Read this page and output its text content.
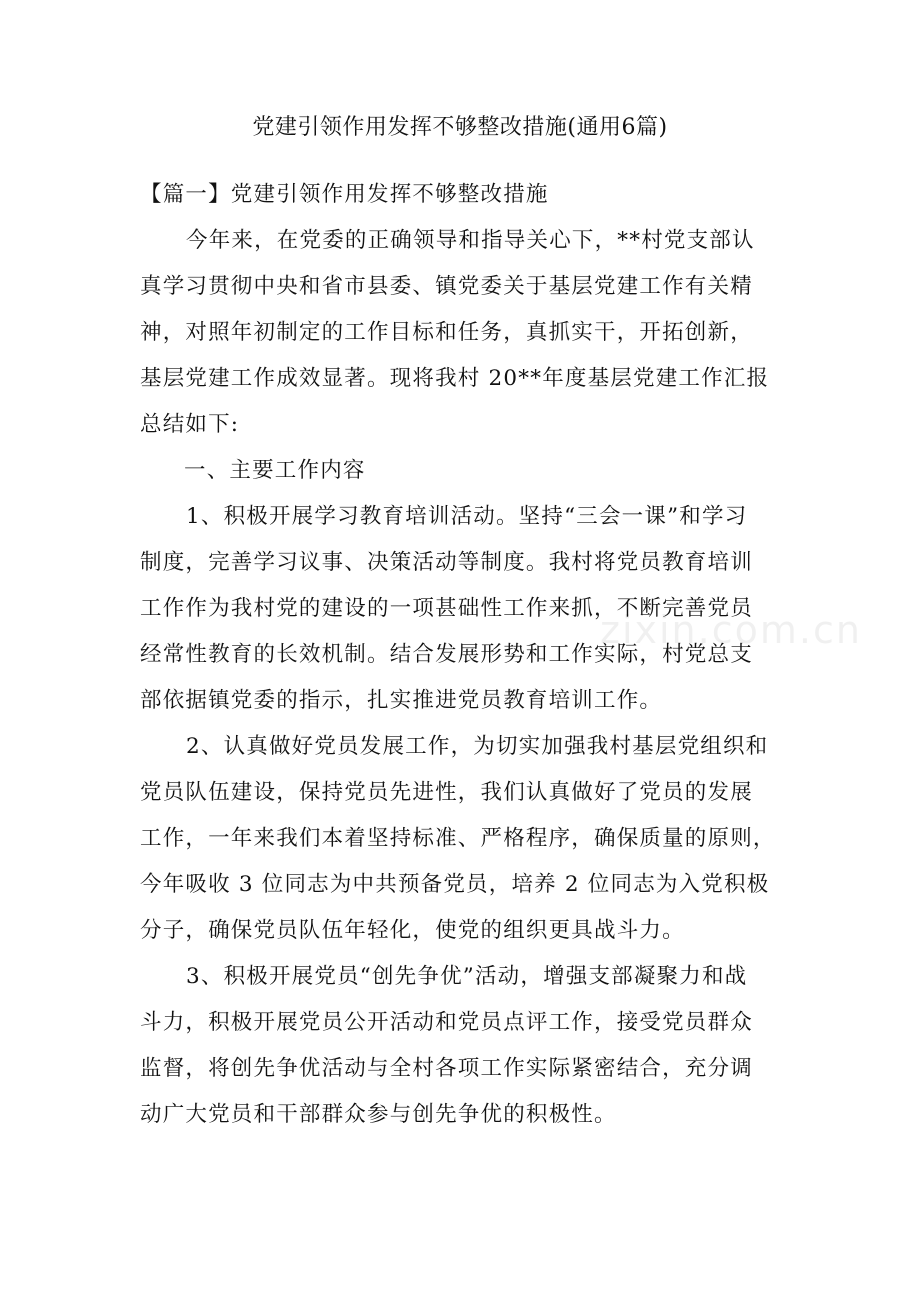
党建引领作用发挥不够整改措施(通用6篇)
【篇一】党建引领作用发挥不够整改措施
今年来，在党委的正确领导和指导关心下，**村党支部认
真学习贯彻中央和省市县委、镇党委关于基层党建工作有关精
神，对照年初制定的工作目标和任务，真抓实干，开拓创新，
基层党建工作成效显著。现将我村 20**年度基层党建工作汇报
总结如下:
一、主要工作内容
1、积极开展学习教育培训活动。坚持“三会一课”和学习
制度，完善学习议事、决策活动等制度。我村将党员教育培训
工作作为我村党的建设的一项甚础性工作来抓，不断完善党员
经常性教育的长效机制。结合发展形势和工作实际，村党总支
部依据镇党委的指示，扎实推进党员教育培训工作。
2、认真做好党员发展工作，为切实加强我村基层党组织和
党员队伍建设，保持党员先进性，我们认真做好了党员的发展
工作，一年来我们本着坚持标准、严格程序，确保质量的原则，
今年吸收 3 位同志为中共预备党员，培养 2 位同志为入党积极
分子，确保党员队伍年轻化，使党的组织更具战斗力。
3、积极开展党员“创先争优”活动，增强支部凝聚力和战
斗力，积极开展党员公开活动和党员点评工作，接受党员群众
监督，将创先争优活动与全村各项工作实际紧密结合，充分调
动广大党员和干部群众参与创先争优的积极性。
zixin.com.cn
